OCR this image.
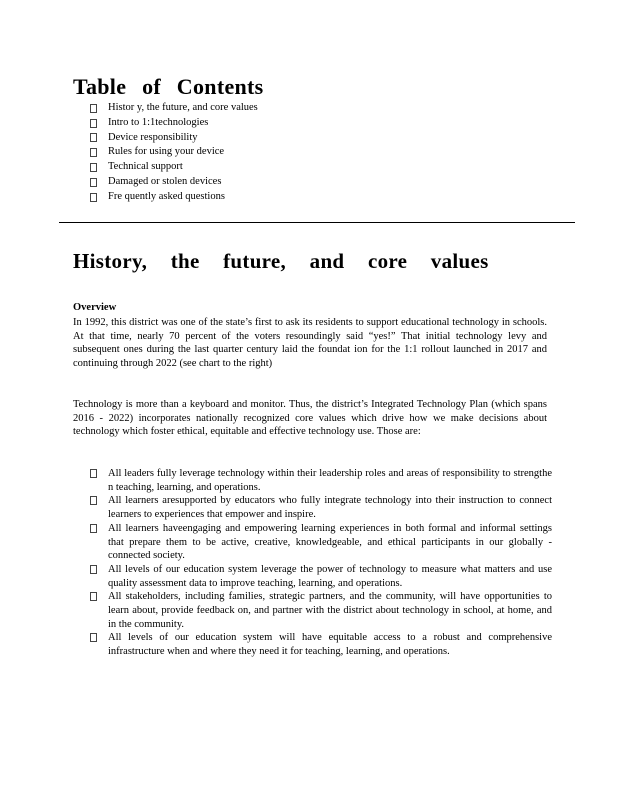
Table of Contents
Histor y, the future, and core values
Intro to 1:1technologies
Device responsibility
Rules for using your device
Technical support
Damaged or stolen devices
Fre quently asked questions
History, the future, and core values
Overview

In 1992, this district was one of the state’s first to ask its residents to support educational technology in schools. At that time, nearly 70 percent of the voters resoundingly said “yes!” That initial technology levy and subsequent ones during the last quarter century laid the foundat ion for the 1:1 rollout launched in 2017 and continuing through 2022 (see chart to the right)

Technology is more than a keyboard and monitor. Thus, the district’s Integrated Technology Plan (which spans 2016 - 2022) incorporates nationally recognized core values which drive how we make decisions about technology which foster ethical, equitable and effective technology use. Those are:

All leaders fully leverage technology within their leadership roles and areas of responsibility to strengthe n teaching, learning, and operations.
All learners aresupported by educators who fully integrate technology into their instruction to connect learners to experiences that empower and inspire.
All learners haveengaging and empowering learning experiences in both formal and informal settings that prepare them to be active, creative, knowledgeable, and ethical participants in our globally -connected society.
All levels of our education system leverage the power of technology to measure what matters and use quality assessment data to improve teaching, learning, and operations.
All stakeholders, including families, strategic partners, and the community, will have opportunities to learn about, provide feedback on, and partner with the district about technology in school, at home, and in the community.
All levels of our education system will have equitable access to a robust and comprehensive infrastructure when and where they need it for teaching, learning, and operations.
